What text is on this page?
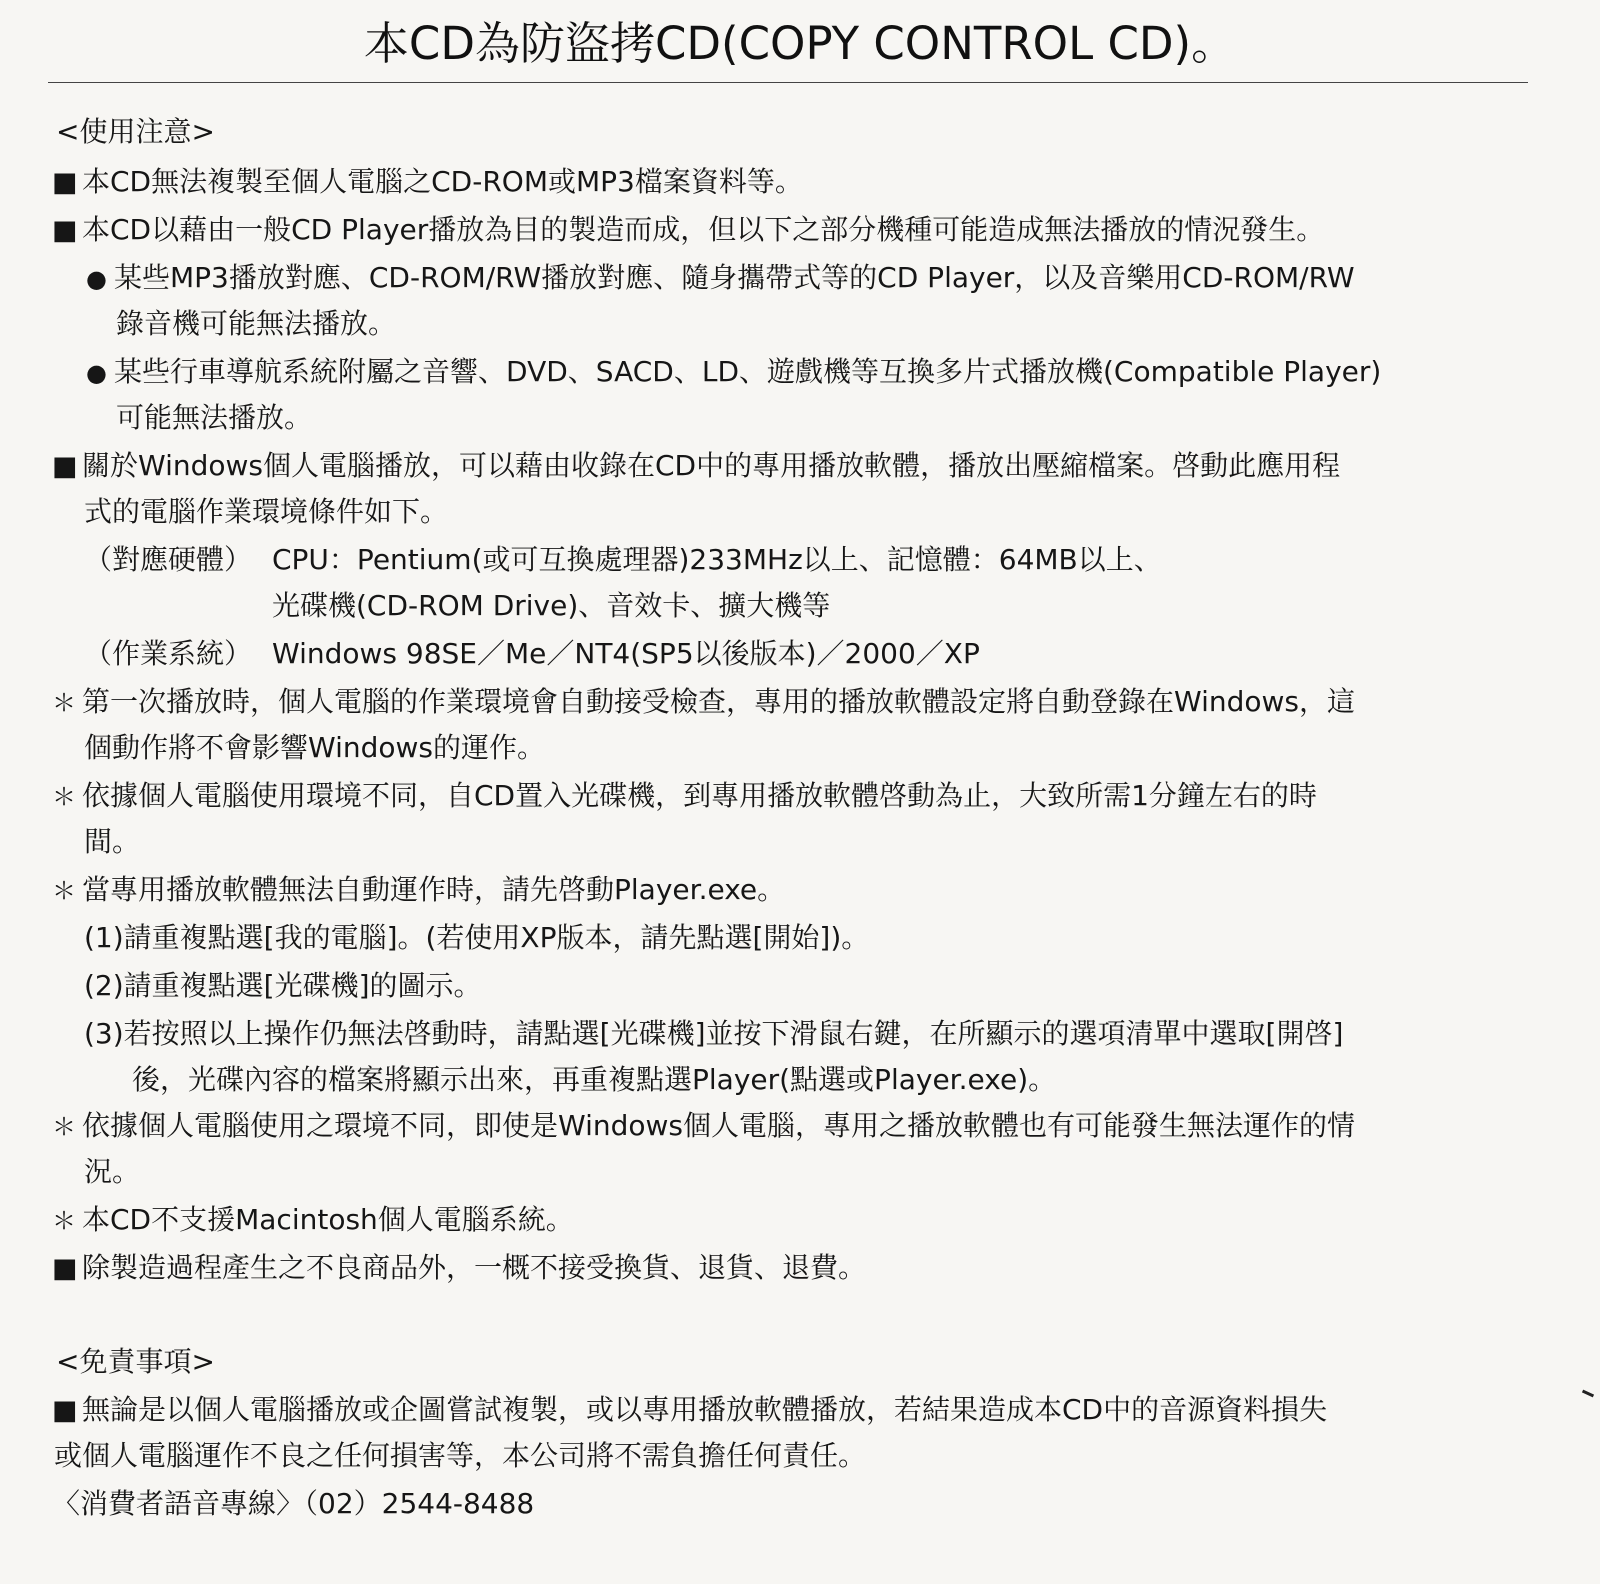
本CD為防盜拷CD(COPY CONTROL CD)。
<使用注意>
■ 本CD無法複製至個人電腦之CD-ROM或MP3檔案資料等。
■ 本CD以藉由一般CD Player播放為目的製造而成，但以下之部分機種可能造成無法播放的情況發生。
● 某些MP3播放對應、CD-ROM/RW播放對應、隨身攜帶式等的CD Player，以及音樂用CD-ROM/RW
錄音機可能無法播放。
● 某些行車導航系統附屬之音響、DVD、SACD、LD、遊戲機等互換多片式播放機(Compatible Player)
可能無法播放。
■ 關於Windows個人電腦播放，可以藉由收錄在CD中的專用播放軟體，播放出壓縮檔案。啓動此應用程
式的電腦作業環境條件如下。
（對應硬體） CPU：Pentium(或可互換處理器)233MHz以上、記憶體：64MB以上、
光碟機(CD-ROM Drive)、音效卡、擴大機等
（作業系統） Windows 98SE／Me／NT4(SP5以後版本)／2000／XP
＊ 第一次播放時，個人電腦的作業環境會自動接受檢查，專用的播放軟體設定將自動登錄在Windows，這
個動作將不會影響Windows的運作。
＊ 依據個人電腦使用環境不同，自CD置入光碟機，到專用播放軟體啓動為止，大致所需1分鐘左右的時
間。
＊ 當專用播放軟體無法自動運作時，請先啓動Player.exe。
(1)請重複點選[我的電腦]。(若使用XP版本，請先點選[開始])。
(2)請重複點選[光碟機]的圖示。
(3)若按照以上操作仍無法啓動時，請點選[光碟機]並按下滑鼠右鍵，在所顯示的選項清單中選取[開啓]
後，光碟內容的檔案將顯示出來，再重複點選Player(點選或Player.exe)。
＊ 依據個人電腦使用之環境不同，即使是Windows個人電腦，專用之播放軟體也有可能發生無法運作的情
況。
＊ 本CD不支援Macintosh個人電腦系統。
■ 除製造過程產生之不良商品外，一概不接受換貨、退貨、退費。
<免責事項>
■ 無論是以個人電腦播放或企圖嘗試複製，或以專用播放軟體播放，若結果造成本CD中的音源資料損失
或個人電腦運作不良之任何損害等，本公司將不需負擔任何責任。
〈消費者語音專線〉（02）2544-8488
